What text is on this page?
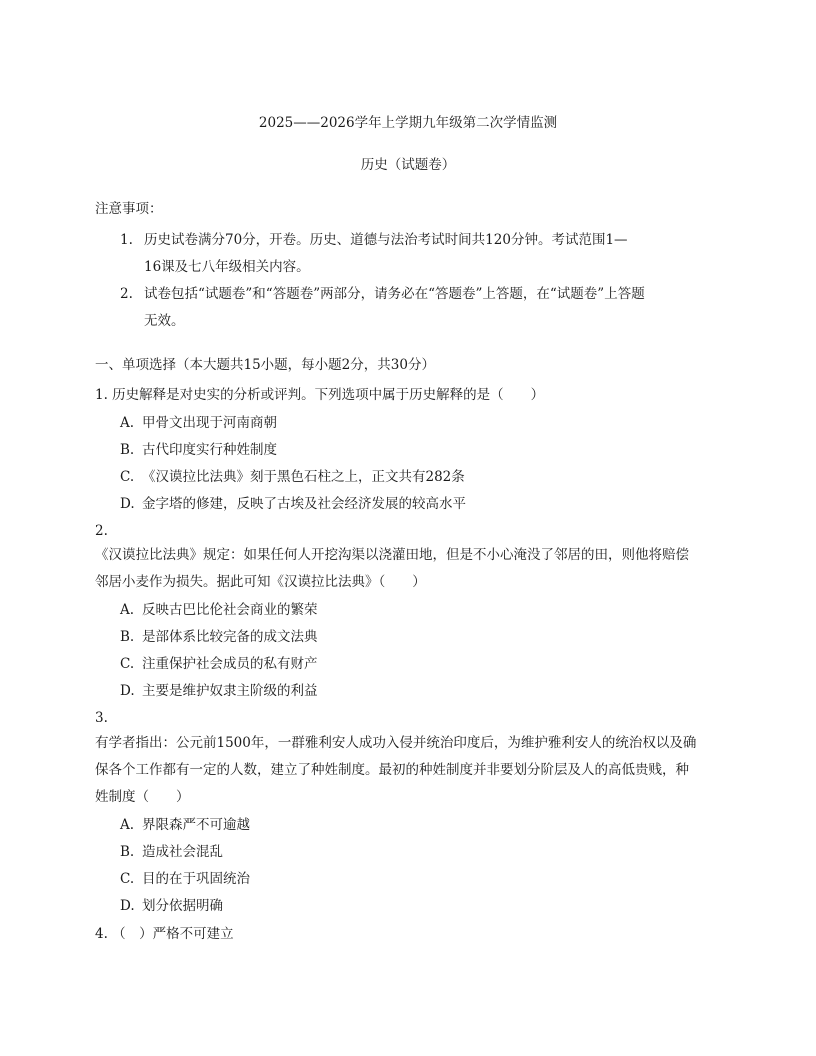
2025——2026学年上学期九年级第二次学情监测
历史（试题卷）
注意事项：
1. 历史试卷满分70分，开卷。历史、道德与法治考试时间共120分钟。考试范围1—
16课及七八年级相关内容。
2. 试卷包括“试题卷”和“答题卷”两部分，请务必在“答题卷”上答题，在“试题卷”上答题
无效。
一、单项选择（本大题共15小题，每小题2分，共30分）
1. 历史解释是对史实的分析或评判。下列选项中属于历史解释的是（　　）
A. 甲骨文出现于河南商朝
B. 古代印度实行种姓制度
C. 《汉谟拉比法典》刻于黑色石柱之上，正文共有282条
D. 金字塔的修建，反映了古埃及社会经济发展的较高水平
2.
《汉谟拉比法典》规定：如果任何人开挖沟渠以浇灌田地，但是不小心淹没了邻居的田，则他将赔偿
邻居小麦作为损失。据此可知《汉谟拉比法典》（　　）
A. 反映古巴比伦社会商业的繁荣
B. 是部体系比较完备的成文法典
C. 注重保护社会成员的私有财产
D. 主要是维护奴隶主阶级的利益
3.
有学者指出：公元前1500年，一群雅利安人成功入侵并统治印度后，为维护雅利安人的统治权以及确
保各个工作都有一定的人数，建立了种姓制度。最初的种姓制度并非要划分阶层及人的高低贵贱，种
姓制度（　　）
A. 界限森严不可逾越
B. 造成社会混乱
C. 目的在于巩固统治
D. 划分依据明确
4. （　）严格不可建立
